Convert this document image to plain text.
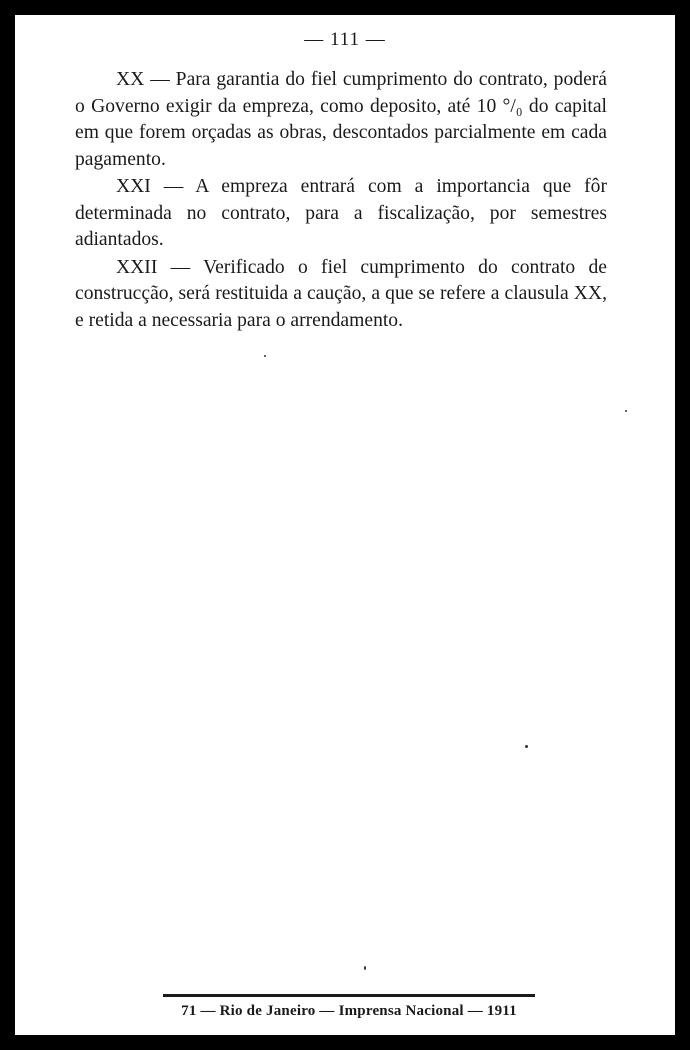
— 111 —

XX — Para garantia do fiel cumprimento do contrato, poderá o Governo exigir da empreza, como deposito, até 10 °/₀ do capital em que forem orçadas as obras, descontados parcialmente em cada pagamento.

XXI — A empreza entrará com a importancia que fôr determinada no contrato, para a fiscalização, por semestres adiantados.

XXII — Verificado o fiel cumprimento do contrato de construcção, será restituida a caução, a que se refere a clausula XX, e retida a necessaria para o arrendamento.

71 — Rio de Janeiro — Imprensa Nacional — 1911
